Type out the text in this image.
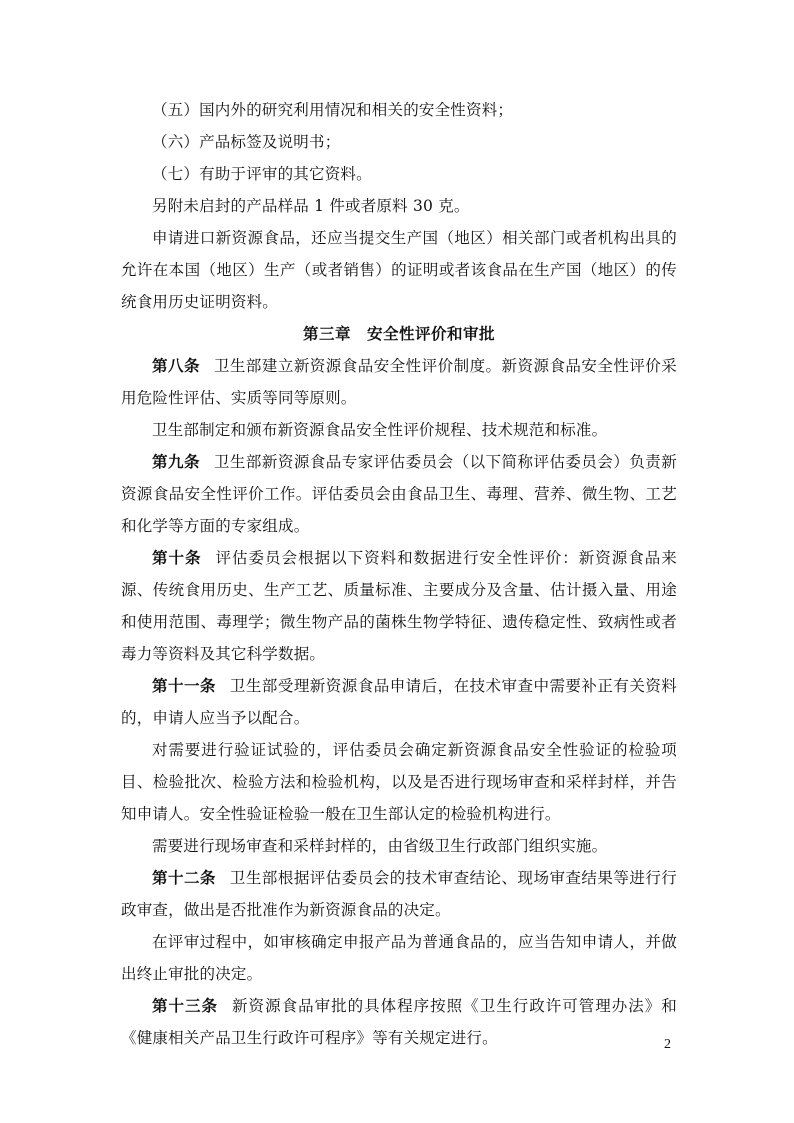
（五）国内外的研究利用情况和相关的安全性资料；

（六）产品标签及说明书；

（七）有助于评审的其它资料。

另附未启封的产品样品 1 件或者原料 30 克。

申请进口新资源食品，还应当提交生产国（地区）相关部门或者机构出具的允许在本国（地区）生产（或者销售）的证明或者该食品在生产国（地区）的传统食用历史证明资料。

第三章　安全性评价和审批

第八条 卫生部建立新资源食品安全性评价制度。新资源食品安全性评价采用危险性评估、实质等同等原则。

卫生部制定和颁布新资源食品安全性评价规程、技术规范和标准。

第九条 卫生部新资源食品专家评估委员会（以下简称评估委员会）负责新资源食品安全性评价工作。评估委员会由食品卫生、毒理、营养、微生物、工艺和化学等方面的专家组成。

第十条 评估委员会根据以下资料和数据进行安全性评价：新资源食品来源、传统食用历史、生产工艺、质量标准、主要成分及含量、估计摄入量、用途和使用范围、毒理学；微生物产品的菌株生物学特征、遗传稳定性、致病性或者毒力等资料及其它科学数据。

第十一条 卫生部受理新资源食品申请后，在技术审查中需要补正有关资料的，申请人应当予以配合。

对需要进行验证试验的，评估委员会确定新资源食品安全性验证的检验项目、检验批次、检验方法和检验机构，以及是否进行现场审查和采样封样，并告知申请人。安全性验证检验一般在卫生部认定的检验机构进行。

需要进行现场审查和采样封样的，由省级卫生行政部门组织实施。

第十二条 卫生部根据评估委员会的技术审查结论、现场审查结果等进行行政审查，做出是否批准作为新资源食品的决定。

在评审过程中，如审核确定申报产品为普通食品的，应当告知申请人，并做出终止审批的决定。

第十三条 新资源食品审批的具体程序按照《卫生行政许可管理办法》和《健康相关产品卫生行政许可程序》等有关规定进行。	2
